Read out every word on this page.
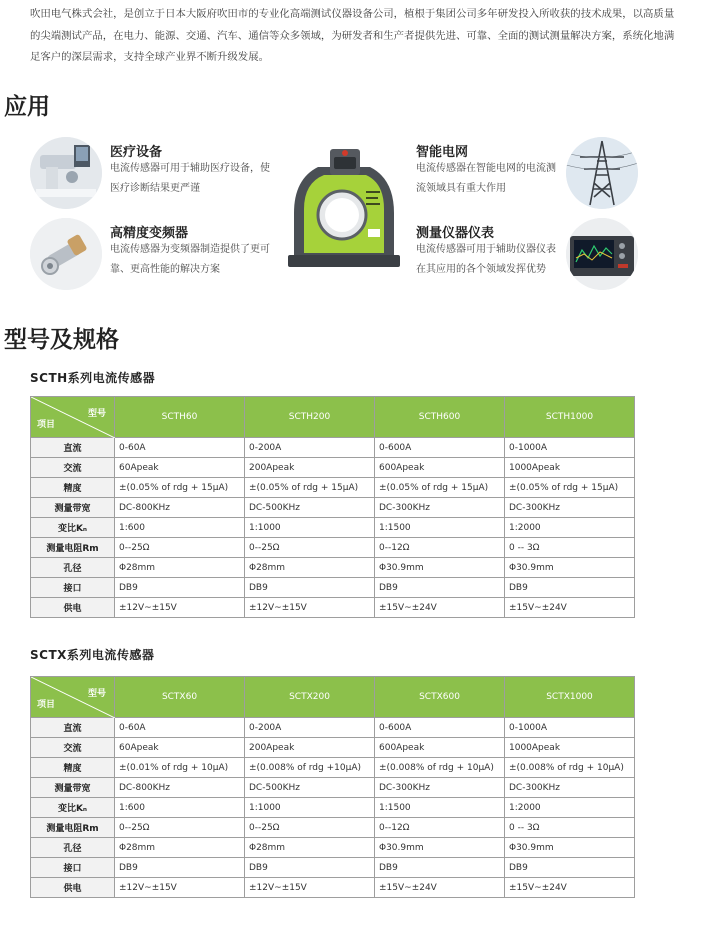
吹田电气株式会社，是创立于日本大阪府吹田市的专业化高端测试仪器设备公司，植根于集团公司多年研发投入所收获的技术成果，以高质量的尖端测试产品，在电力、能源、交通、汽车、通信等众多领域，为研发者和生产者提供先进、可靠、全面的测试测量解决方案，系统化地满足客户的深层需求，支持全球产业界不断升级发展。
应用
医疗设备
电流传感器可用于辅助医疗设备，使医疗诊断结果更严谨
高精度变频器
电流传感器为变频器制造提供了更可靠、更高性能的解决方案
智能电网
电流传感器在智能电网的电流测流领域具有重大作用
测量仪器仪表
电流传感器可用于辅助仪器仪表在其应用的各个领域发挥优势
型号及规格
SCTH系列电流传感器
型号
项目	SCTH60	SCTH200	SCTH600	SCTH1000
直流	0-60A	0-200A	0-600A	0-1000A
交流	60Apeak	200Apeak	600Apeak	1000Apeak
精度	±(0.05% of rdg + 15μA)	±(0.05% of rdg + 15μA)	±(0.05% of rdg + 15μA)	±(0.05% of rdg + 15μA)
测量带宽	DC-800KHz	DC-500KHz	DC-300KHz	DC-300KHz
变比Kₙ	1:600	1:1000	1:1500	1:2000
测量电阻Rm	0--25Ω	0--25Ω	0--12Ω	0 -- 3Ω
孔径	Φ28mm	Φ28mm	Φ30.9mm	Φ30.9mm
接口	DB9	DB9	DB9	DB9
供电	±12V~±15V	±12V~±15V	±15V~±24V	±15V~±24V
SCTX系列电流传感器
型号
项目	SCTX60	SCTX200	SCTX600	SCTX1000
直流	0-60A	0-200A	0-600A	0-1000A
交流	60Apeak	200Apeak	600Apeak	1000Apeak
精度	±(0.01% of rdg + 10μA)	±(0.008% of rdg +10μA)	±(0.008% of rdg + 10μA)	±(0.008% of rdg + 10μA)
测量带宽	DC-800KHz	DC-500KHz	DC-300KHz	DC-300KHz
变比Kₙ	1:600	1:1000	1:1500	1:2000
测量电阻Rm	0--25Ω	0--25Ω	0--12Ω	0 -- 3Ω
孔径	Φ28mm	Φ28mm	Φ30.9mm	Φ30.9mm
接口	DB9	DB9	DB9	DB9
供电	±12V~±15V	±12V~±15V	±15V~±24V	±15V~±24V
